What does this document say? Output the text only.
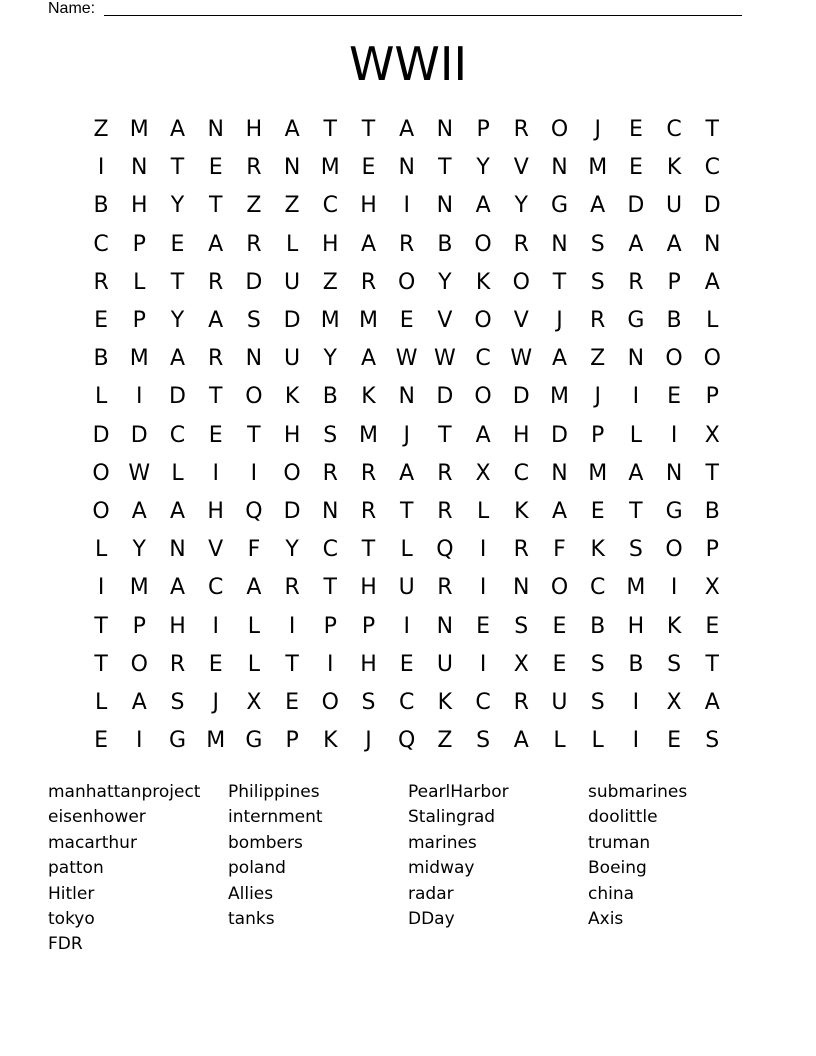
Name:
WWII
Z M A	N H	A	T	T	A	N	P	R O	J	E	C	T
I	N	T	E	R	N M E	N	T	Y	V	N M E	K	C
B	H	Y	T	Z	Z	C	H	I	N	A	Y	G	A	D U D
C	P	E	A	R	L	H	A	R	B O R	N	S	A	A	N
R	L	T	R	D U	Z	R O	Y	K	O	T	S	R	P	A
E	P	Y	A	S	D M M E	V	O	V	J	R	G	B	L
B M A	R	N U	Y	A W W C W A	Z	N O O
L	I	D	T	O	K	B	K	N D O D M	J	I	E	P
D D	C	E	T	H	S M	J	T	A	H D	P	L	I	X
O W L	I	I	O R	R	A	R	X	C	N M A	N	T
O	A	A	H Q D N	R	T	R	L	K	A	E	T	G	B
L	Y	N	V	F	Y	C	T	L	Q	I	R	F	K	S	O	P
I	M A	C	A	R	T	H U	R	I	N O C M	I	X
T	P	H	I	L	I	P	P	I	N	E	S	E	B	H	K	E
T	O R	E	L	T	I	H	E	U	I	X	E	S	B	S	T
L	A	S	J	X	E	O	S	C	K	C	R	U	S	I	X	A
E	I	G M G	P	K	J	Q	Z	S	A	L	L	I	E	S
manhattanproject
eisenhower
macarthur
patton
Hitler
tokyo
FDR
Philippines
internment
bombers
poland
Allies
tanks
PearlHarbor
Stalingrad
marines
midway
radar
DDay
submarines
doolittle
truman
Boeing
china
Axis
